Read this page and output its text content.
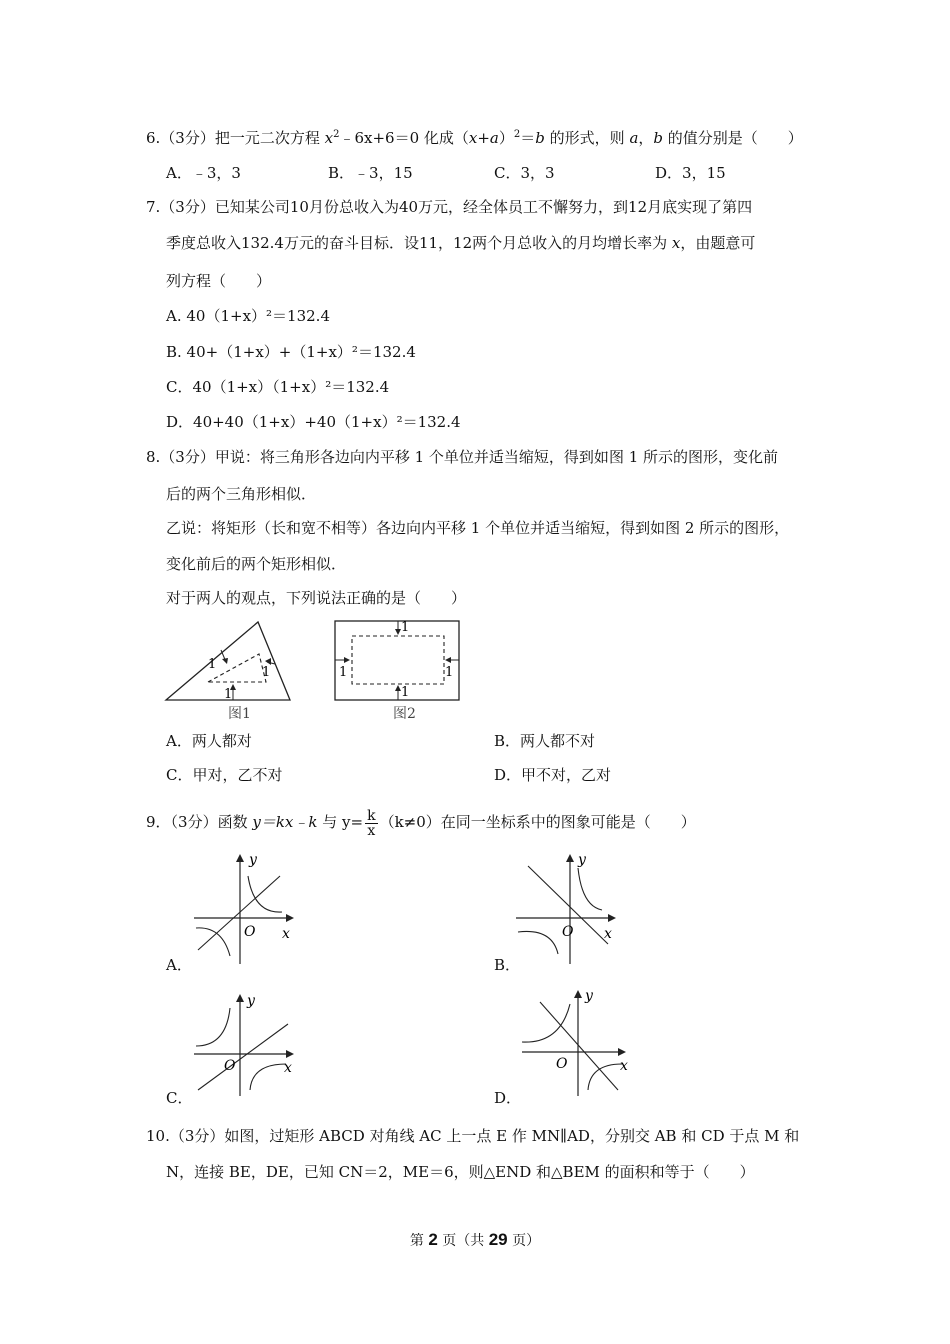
6.（3分）把一元二次方程 $x^2﹣6x+6=0$ 化成$(x+a)^2=b$ 的形式，则 a，b 的值分别是（　　）
A．﹣3，3	B．﹣3，15	C．3，3	D．3，15
7.（3分）已知某公司10月份总收入为40万元，经全体员工不懈努力，到12月底实现了第四
季度总收入132.4万元的奋斗目标．设11，12两个月总收入的月均增长率为 x，由题意可
列方程（　　）
A. 40（1+x）²＝132.4
B. 40+（1+x）+（1+x）²＝132.4
C．40（1+x）（1+x）²＝132.4
D．40+40（1+x）+40（1+x）²＝132.4
8.（3分）甲说：将三角形各边向内平移 1 个单位并适当缩短，得到如图 1 所示的图形，变化前
后的两个三角形相似．
乙说：将矩形（长和宽不相等）各边向内平移 1 个单位并适当缩短，得到如图 2 所示的图形，
变化前后的两个矩形相似．
对于两人的观点，下列说法正确的是（　　）
1
1
1
图1
1
1	1
1
图2
A．两人都对	B．两人都不对
C．甲对，乙不对	D．甲不对，乙对
9．（3分）函数 y＝kx﹣k 与 $y= \frac{k}{x} (k\ne 0)$在同一坐标系中的图象可能是（　　）
y
x
O
A．
y
x
O
B．
y
x
O
C．
y
x
O
D．
10.（3分）如图，过矩形 ABCD 对角线 AC 上一点 E 作 MN∥AD，分别交 AB 和 CD 于点 M 和
N，连接 BE，DE，已知 CN＝2，ME＝6，则△END 和△BEM 的面积和等于（　　）
第 2 页（共 29 页）
